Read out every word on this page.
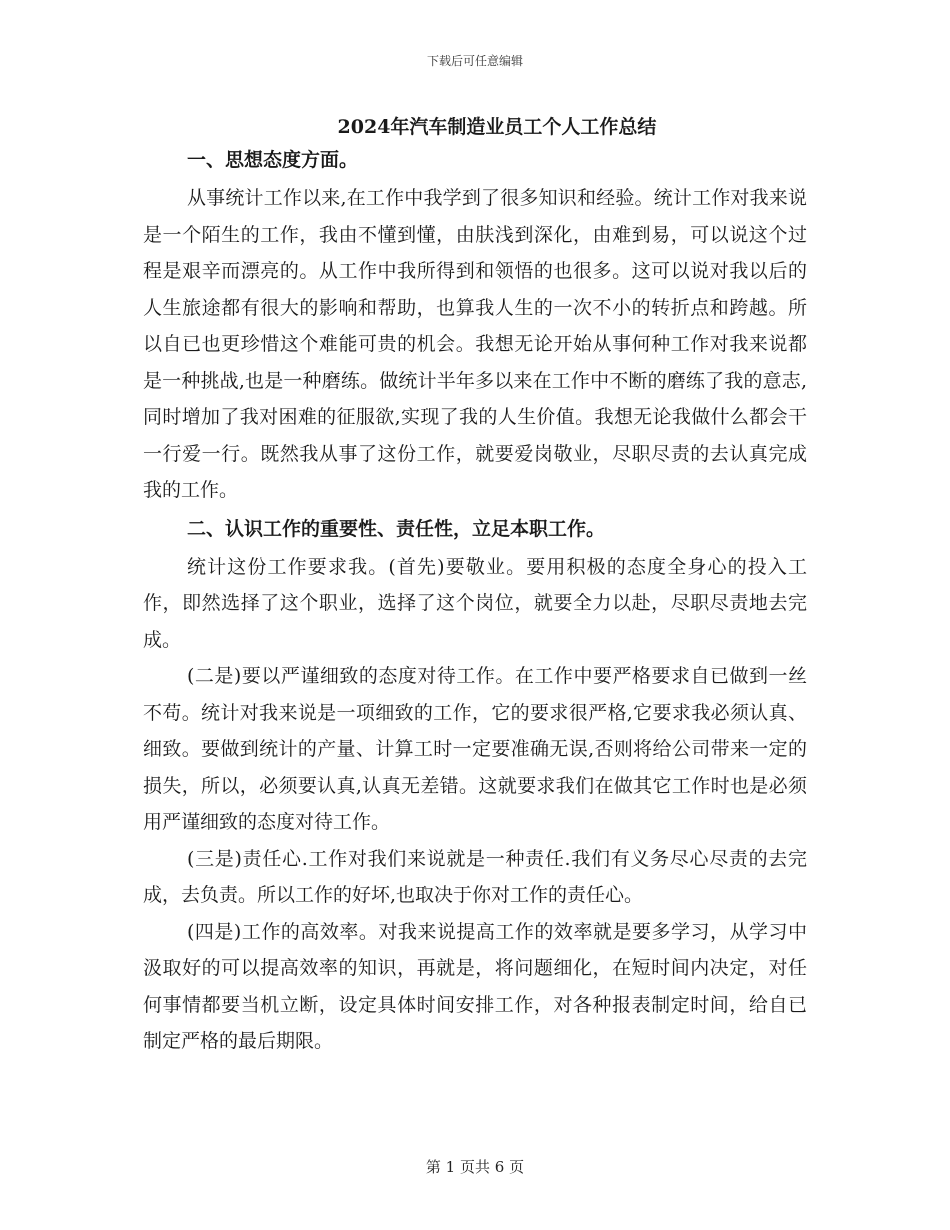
下载后可任意编辑
2024年汽车制造业员工个人工作总结
一、思想态度方面。

从事统计工作以来,在工作中我学到了很多知识和经验。统计工作对我来说是一个陌生的工作，我由不懂到懂，由肤浅到深化，由难到易，可以说这个过程是艰辛而漂亮的。从工作中我所得到和领悟的也很多。这可以说对我以后的人生旅途都有很大的影响和帮助，也算我人生的一次不小的转折点和跨越。所以自已也更珍惜这个难能可贵的机会。我想无论开始从事何种工作对我来说都是一种挑战,也是一种磨练。做统计半年多以来在工作中不断的磨练了我的意志,同时增加了我对困难的征服欲,实现了我的人生价值。我想无论我做什么都会干一行爱一行。既然我从事了这份工作，就要爱岗敬业，尽职尽责的去认真完成我的工作。

二、认识工作的重要性、责任性，立足本职工作。

统计这份工作要求我。(首先)要敬业。要用积极的态度全身心的投入工作，即然选择了这个职业，选择了这个岗位，就要全力以赴，尽职尽责地去完成。

(二是)要以严谨细致的态度对待工作。在工作中要严格要求自已做到一丝不苟。统计对我来说是一项细致的工作，它的要求很严格,它要求我必须认真、细致。要做到统计的产量、计算工时一定要准确无误,否则将给公司带来一定的损失，所以，必须要认真,认真无差错。这就要求我们在做其它工作时也是必须用严谨细致的态度对待工作。

(三是)责任心.工作对我们来说就是一种责任.我们有义务尽心尽责的去完成，去负责。所以工作的好坏,也取决于你对工作的责任心。

(四是)工作的高效率。对我来说提高工作的效率就是要多学习，从学习中汲取好的可以提高效率的知识，再就是，将问题细化，在短时间内决定，对任何事情都要当机立断，设定具体时间安排工作，对各种报表制定时间，给自已制定严格的最后期限。

第 1 页共 6 页
